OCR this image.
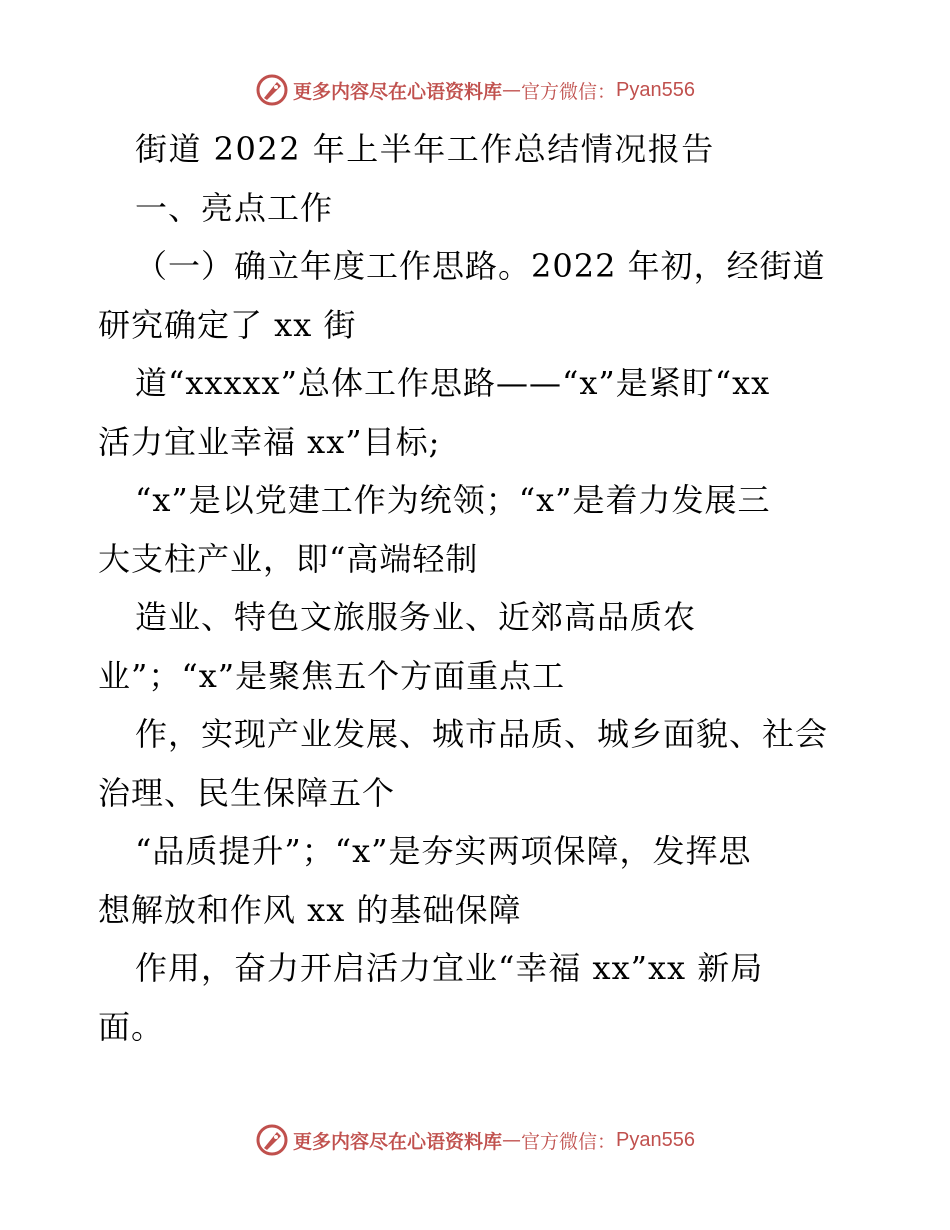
更多内容尽在心语资料库 — 官方微信： Pyan556
街道 2022 年上半年工作总结情况报告
一、亮点工作
（一）确立年度工作思路。2022 年初，经街道
研究确定了 xx 街
道“xxxxx”总体工作思路——“x”是紧盯“xx
活力宜业幸福 xx”目标;
“x”是以党建工作为统领；“x”是着力发展三
大支柱产业，即“高端轻制
造业、特色文旅服务业、近郊高品质农
业”；“x”是聚焦五个方面重点工
作，实现产业发展、城市品质、城乡面貌、社会
治理、民生保障五个
“品质提升”；“x”是夯实两项保障，发挥思
想解放和作风 xx 的基础保障
作用，奋力开启活力宜业“幸福 xx”xx 新局
面。
更多内容尽在心语资料库 — 官方微信： Pyan556
